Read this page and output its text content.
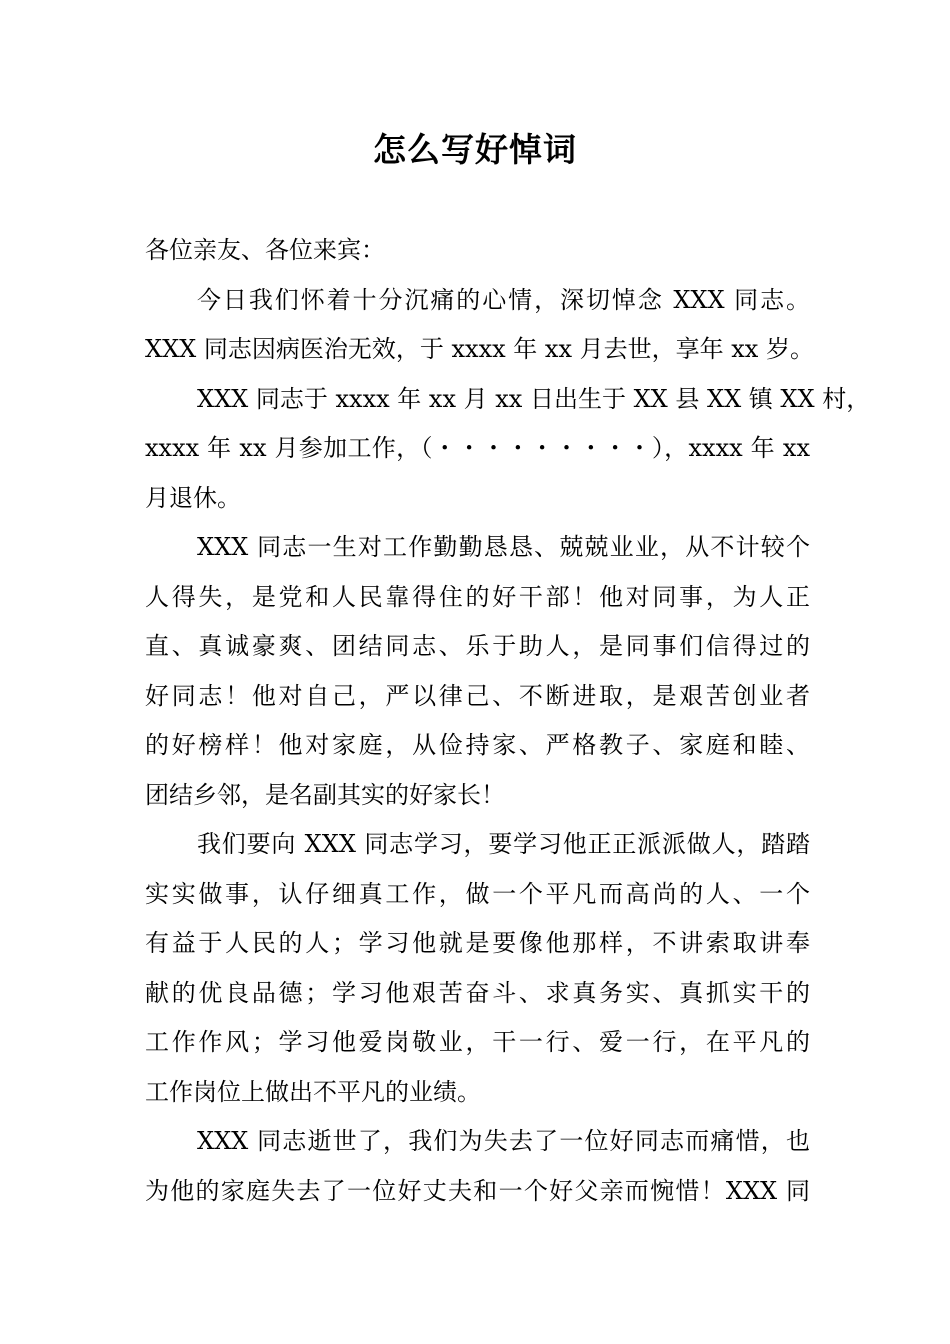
怎么写好悼词
各位亲友、各位来宾：
今日我们怀着十分沉痛的心情，深切悼念 XXX 同志。
XXX 同志因病医治无效，于 xxxx 年 xx 月去世，享年 xx 岁。
XXX 同志于 xxxx 年 xx 月 xx 日出生于 XX 县 XX 镇 XX 村，
xxxx 年 xx 月参加工作，（・・・・・・・・・），xxxx 年 xx
月退休。
XXX 同志一生对工作勤勤恳恳、兢兢业业，从不计较个
人得失，是党和人民靠得住的好干部！他对同事，为人正
直、真诚豪爽、团结同志、乐于助人，是同事们信得过的
好同志！他对自己，严以律己、不断进取，是艰苦创业者
的好榜样！他对家庭，从俭持家、严格教子、家庭和睦、
团结乡邻，是名副其实的好家长！
我们要向 XXX 同志学习，要学习他正正派派做人，踏踏
实实做事，认仔细真工作，做一个平凡而高尚的人、一个
有益于人民的人；学习他就是要像他那样，不讲索取讲奉
献的优良品德；学习他艰苦奋斗、求真务实、真抓实干的
工作作风；学习他爱岗敬业，干一行、爱一行，在平凡的
工作岗位上做出不平凡的业绩。
XXX 同志逝世了，我们为失去了一位好同志而痛惜，也
为他的家庭失去了一位好丈夫和一个好父亲而惋惜！XXX 同
